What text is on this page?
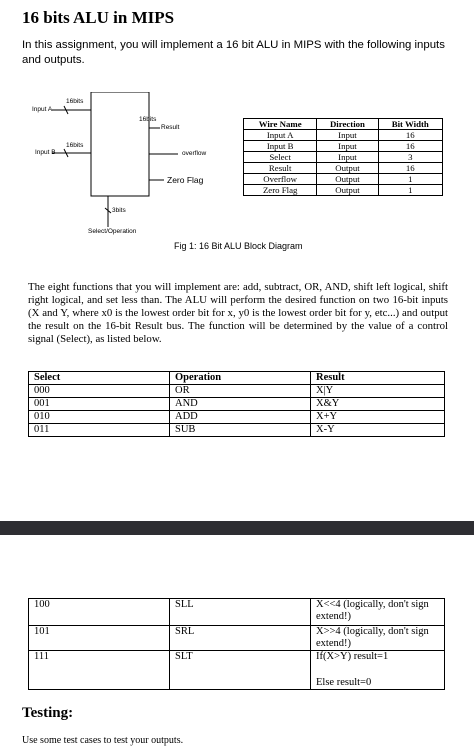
16 bits ALU in MIPS
In this assignment, you will implement a 16 bit ALU in MIPS with the following inputs and outputs.
16bits
Input A
16bits
Input B
16bits
Result
overflow
Zero Flag
3bits
Select/Operation
Wire Name	Direction	Bit Width
Input A	Input	16
Input B	Input	16
Select	Input	3
Result	Output	16
Overflow	Output	1
Zero Flag	Output	1
Fig 1: 16 Bit ALU Block Diagram
The eight functions that you will implement are: add, subtract, OR, AND, shift left logical, shift right logical, and set less than. The ALU will perform the desired function on two 16-bit inputs (X and Y, where x0 is the lowest order bit for x, y0 is the lowest order bit for y, etc...) and output the result on the 16-bit Result bus. The function will be determined by the value of a control signal (Select), as listed below.
Select	Operation	Result
000	OR	X|Y
001	AND	X&Y
010	ADD	X+Y
011	SUB	X-Y
100	SLL	X<<4 (logically, don't sign extend!)
101	SRL	X>>4 (logically, don't sign extend!)
111	SLT	If(X>Y) result=1
Else result=0
Testing:
Use some test cases to test your outputs.
